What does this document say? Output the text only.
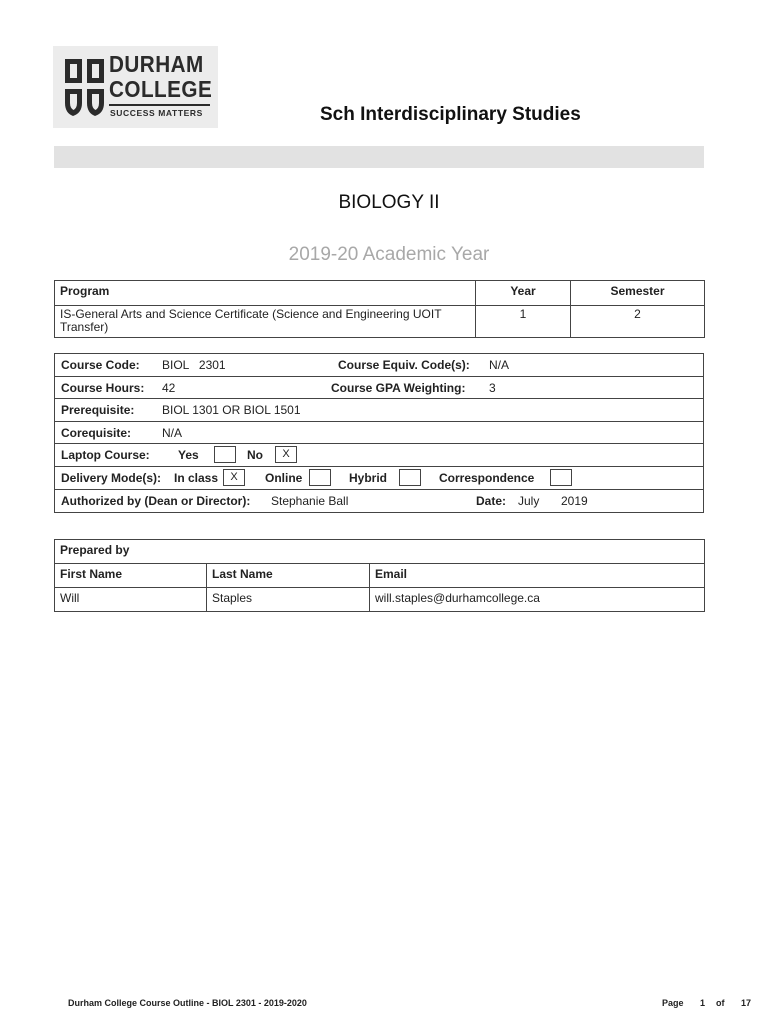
DURHAM
COLLEGE
SUCCESS MATTERS	Sch Interdisciplinary Studies
BIOLOGY II
2019-20 Academic Year
Program	Year	Semester
IS-General Arts and Science Certificate (Science and Engineering UOIT Transfer)	1	2
Course Code: BIOL   2301	Course Equiv. Code(s): N/A
Course Hours: 42	Course GPA Weighting: 3
Prerequisite: BIOL 1301 OR BIOL 1501
Corequisite:	N/A
Laptop Course: Yes	No	X
Delivery Mode(s): In class	X	Online	Hybrid	Correspondence
Authorized by (Dean or Director): Stephanie Ball	Date: July 2019
Prepared by		
First Name	Last Name	Email
Will	Staples	will.staples@durhamcollege.ca
Durham College Course Outline - BIOL 2301 - 2019-2020	Page   1  of   17
